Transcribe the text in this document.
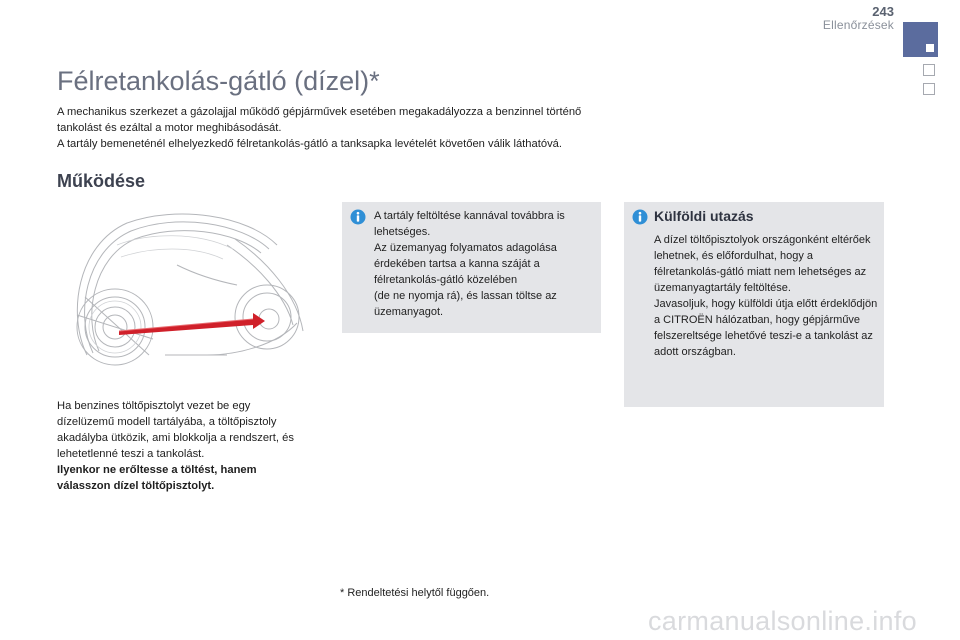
243
Ellenőrzések
Félretankolás-gátló (dízel)*

A mechanikus szerkezet a gázolajjal működő gépjárművek esetében megakadályozza a benzinnel történő tankolást és ezáltal a motor meghibásodását.

A tartály bemeneténél elhelyezkedő félretankolás-gátló a tanksapka levételét követően válik láthatóvá.

Működése

Ha benzines töltőpisztolyt vezet be egy dízelüzemű modell tartályába, a töltőpisztoly akadályba ütközik, ami blokkolja a rendszert, és lehetetlenné teszi a tankolást.

Ilyenkor ne erőltesse a töltést, hanem válasszon dízel töltőpisztolyt.

A tartály feltöltése kannával továbbra is lehetséges.
Az üzemanyag folyamatos adagolása érdekében tartsa a kanna száját a félretankolás-gátló közelében
(de ne nyomja rá), és lassan töltse az üzemanyagot.
Külföldi utazás
A dízel töltőpisztolyok országonként eltérőek lehetnek, és előfordulhat, hogy a félretankolás-gátló miatt nem lehetséges az üzemanyagtartály feltöltése.
Javasoljuk, hogy külföldi útja előtt érdeklődjön a CITROËN hálózatban, hogy gépjárműve felszereltsége lehetővé teszi-e a tankolást az adott országban.
* Rendeltetési helytől függően.
carmanualsonline.info
